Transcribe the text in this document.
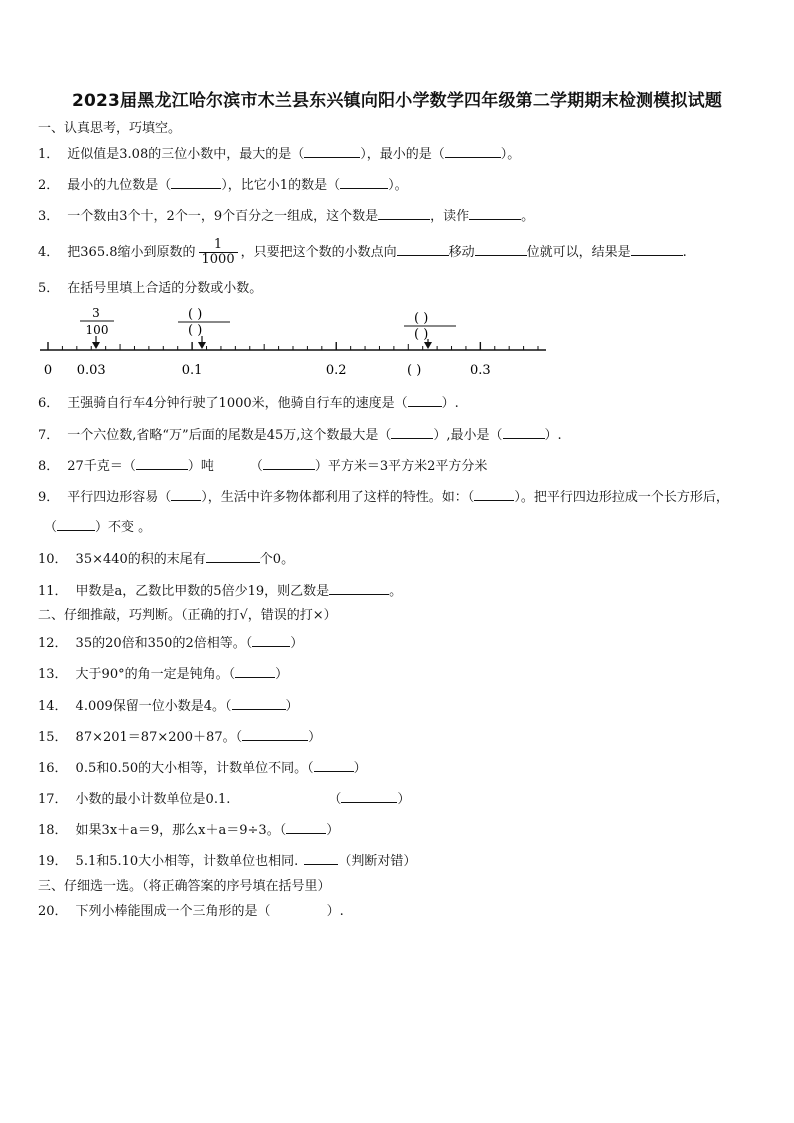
2023届黑龙江哈尔滨市木兰县东兴镇向阳小学数学四年级第二学期期末检测模拟试题
一、认真思考，巧填空。
1． 近似值是3.08的三位小数中，最大的是（	），最小的是（	）。
2． 最小的九位数是（	），比它小1的数是（	）。
3． 一个数由3个十，2个一，9个百分之一组成，这个数是	，读作	。
4． 把365.8缩小到原数的 $\frac{1}{1000}$ ，只要把这个数的小数点向	移动	位就可以，结果是	.
5． 在括号里填上合适的分数或小数。
0 0.03	0.1	0.2	0.3
3
100
( )
( )
( )
( )
( )
6． 王强骑自行车4分钟行驶了1000米，他骑自行车的速度是（	）.
7． 一个六位数,省略“万”后面的尾数是45万,这个数最大是（	）,最小是（	）.
8． 27千克＝（	）吨	（	）平方米＝3平方米2平方分米
9． 平行四边形容易（ ），生活中许多物体都利用了这样的特性。如：（	）。把平行四边形拉成一个长方形后，
（	）不变 。
10． 35×440的积的末尾有	个0。
11． 甲数是a，乙数比甲数的5倍少19，则乙数是	。
二、仔细推敲，巧判断。（正确的打√，错误的打×）
12． 35的20倍和350的2倍相等。（	）
13． 大于90°的角一定是钝角。（	）
14． 4.009保留一位小数是4。（	）
15． 87×201＝87×200＋87。（	）
16． 0.5和0.50的大小相等，计数单位不同。（	）
17． 小数的最小计数单位是0.1.	（	）
18． 如果3x＋a＝9，那么x＋a＝9÷3。（	）
19． 5.1和5.10大小相等，计数单位也相同.	（判断对错）
三、仔细选一选。（将正确答案的序号填在括号里）
20． 下列小棒能围成一个三角形的是（	）.
